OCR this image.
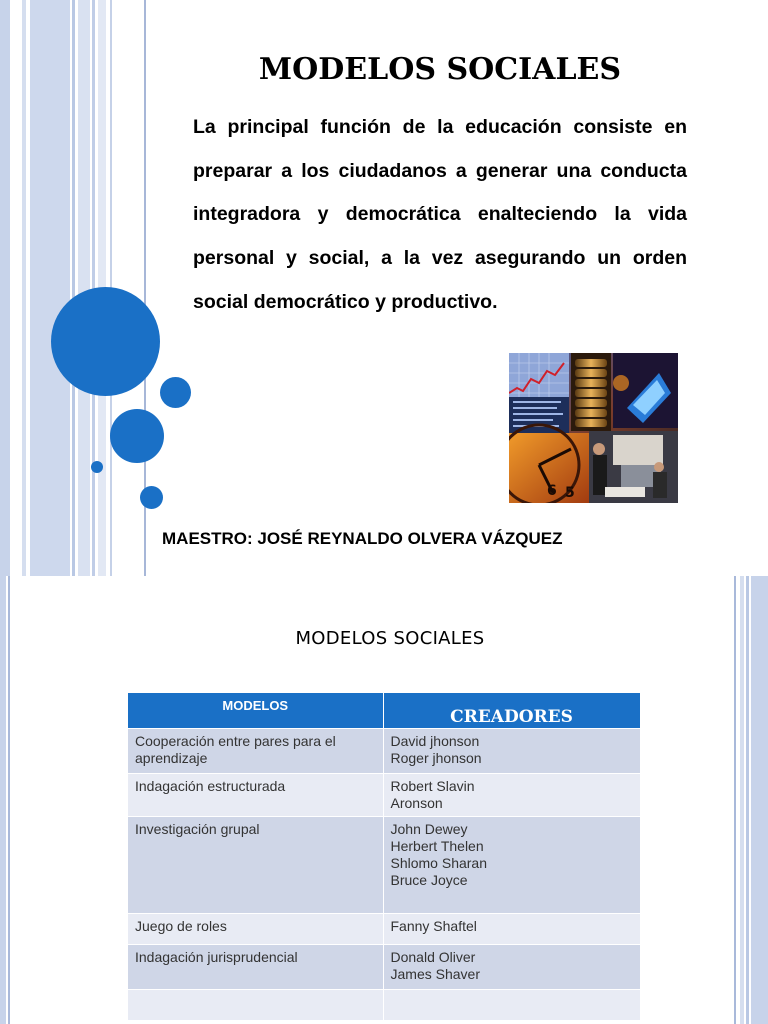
MODELOS SOCIALES

La principal función de la educación consiste en preparar a los ciudadanos a generar una conducta integradora y democrática enalteciendo la vida personal y social, a la vez asegurando un orden social democrático y productivo.

6 5
MAESTRO: JOSÉ REYNALDO OLVERA VÁZQUEZ
MODELOS SOCIALES
MODELOS	CREADORES
Cooperación entre pares para el aprendizaje	David jhonson
Roger jhonson

Indagación estructurada	Robert Slavin
Aronson

Investigación grupal	John Dewey
Herbert Thelen
Shlomo Sharan
Bruce Joyce

Juego de roles	Fanny Shaftel

Indagación jurisprudencial	Donald Oliver
James Shaver
